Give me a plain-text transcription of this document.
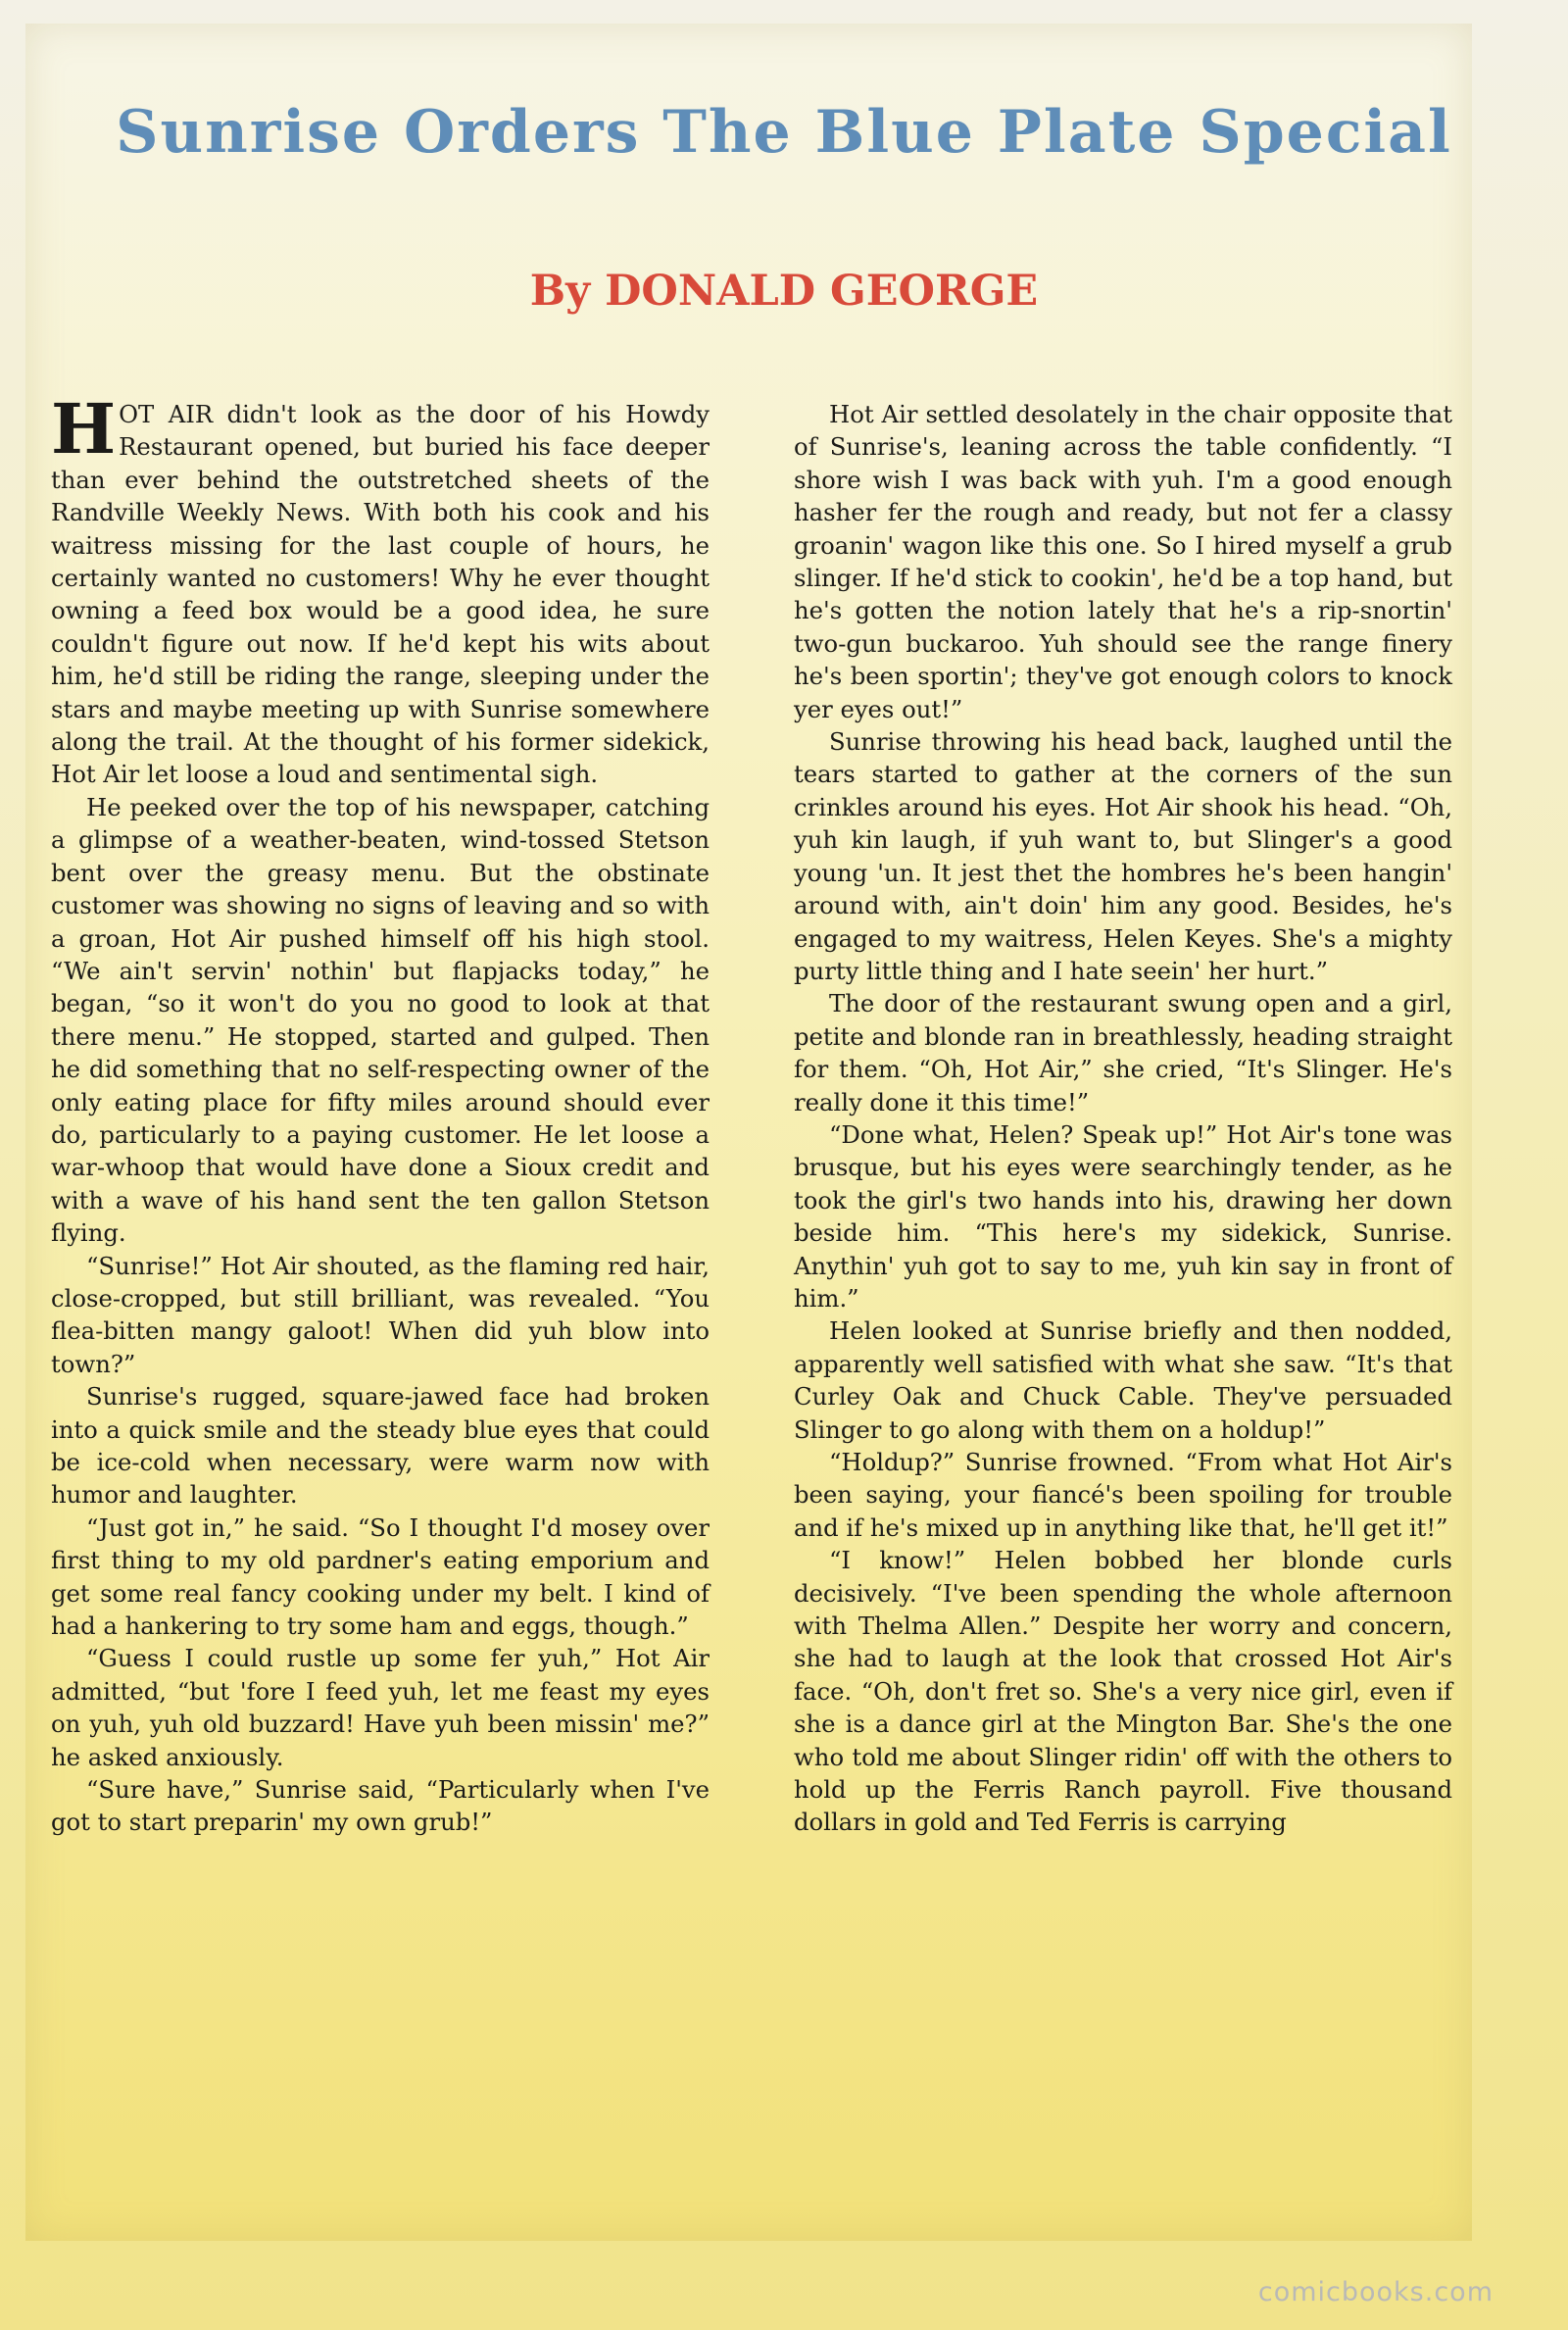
Sunrise Orders The Blue Plate Special
By DONALD GEORGE

HOT AIR didn't look as the door of his Howdy Restaurant opened, but buried his face deeper than ever behind the outstretched sheets of the Randville Weekly News. With both his cook and his waitress missing for the last couple of hours, he certainly wanted no customers! Why he ever thought owning a feed box would be a good idea, he sure couldn't figure out now. If he'd kept his wits about him, he'd still be riding the range, sleeping under the stars and maybe meeting up with Sunrise somewhere along the trail. At the thought of his former sidekick, Hot Air let loose a loud and sentimental sigh.

He peeked over the top of his newspaper, catching a glimpse of a weather-beaten, wind-tossed Stetson bent over the greasy menu. But the obstinate customer was showing no signs of leaving and so with a groan, Hot Air pushed himself off his high stool. “We ain't servin' nothin' but flapjacks today,” he began, “so it won't do you no good to look at that there menu.” He stopped, started and gulped. Then he did something that no self-respecting owner of the only eating place for fifty miles around should ever do, particularly to a paying customer. He let loose a war-whoop that would have done a Sioux credit and with a wave of his hand sent the ten gallon Stetson flying.

“Sunrise!” Hot Air shouted, as the flaming red hair, close-cropped, but still brilliant, was revealed. “You flea-bitten mangy galoot! When did yuh blow into town?”

Sunrise's rugged, square-jawed face had broken into a quick smile and the steady blue eyes that could be ice-cold when necessary, were warm now with humor and laughter.

“Just got in,” he said. “So I thought I'd mosey over first thing to my old pardner's eating emporium and get some real fancy cooking under my belt. I kind of had a hankering to try some ham and eggs, though.”

“Guess I could rustle up some fer yuh,” Hot Air admitted, “but 'fore I feed yuh, let me feast my eyes on yuh, yuh old buzzard! Have yuh been missin' me?” he asked anxiously.

“Sure have,” Sunrise said, “Particularly when I've got to start preparin' my own grub!”

Hot Air settled desolately in the chair opposite that of Sunrise's, leaning across the table confidently. “I shore wish I was back with yuh. I'm a good enough hasher fer the rough and ready, but not fer a classy groanin' wagon like this one. So I hired myself a grub slinger. If he'd stick to cookin', he'd be a top hand, but he's gotten the notion lately that he's a rip-snortin' two-gun buckaroo. Yuh should see the range finery he's been sportin'; they've got enough colors to knock yer eyes out!”

Sunrise throwing his head back, laughed until the tears started to gather at the corners of the sun crinkles around his eyes. Hot Air shook his head. “Oh, yuh kin laugh, if yuh want to, but Slinger's a good young 'un. It jest thet the hombres he's been hangin' around with, ain't doin' him any good. Besides, he's engaged to my waitress, Helen Keyes. She's a mighty purty little thing and I hate seein' her hurt.”

The door of the restaurant swung open and a girl, petite and blonde ran in breathlessly, heading straight for them. “Oh, Hot Air,” she cried, “It's Slinger. He's really done it this time!”

“Done what, Helen? Speak up!” Hot Air's tone was brusque, but his eyes were searchingly tender, as he took the girl's two hands into his, drawing her down beside him. “This here's my sidekick, Sunrise. Anythin' yuh got to say to me, yuh kin say in front of him.”

Helen looked at Sunrise briefly and then nodded, apparently well satisfied with what she saw. “It's that Curley Oak and Chuck Cable. They've persuaded Slinger to go along with them on a holdup!”

“Holdup?” Sunrise frowned. “From what Hot Air's been saying, your fiancé's been spoiling for trouble and if he's mixed up in anything like that, he'll get it!”

“I know!” Helen bobbed her blonde curls decisively. “I've been spending the whole afternoon with Thelma Allen.” Despite her worry and concern, she had to laugh at the look that crossed Hot Air's face. “Oh, don't fret so. She's a very nice girl, even if she is a dance girl at the Mington Bar. She's the one who told me about Slinger ridin' off with the others to hold up the Ferris Ranch payroll. Five thousand dollars in gold and Ted Ferris is carrying

comicbooks.com
